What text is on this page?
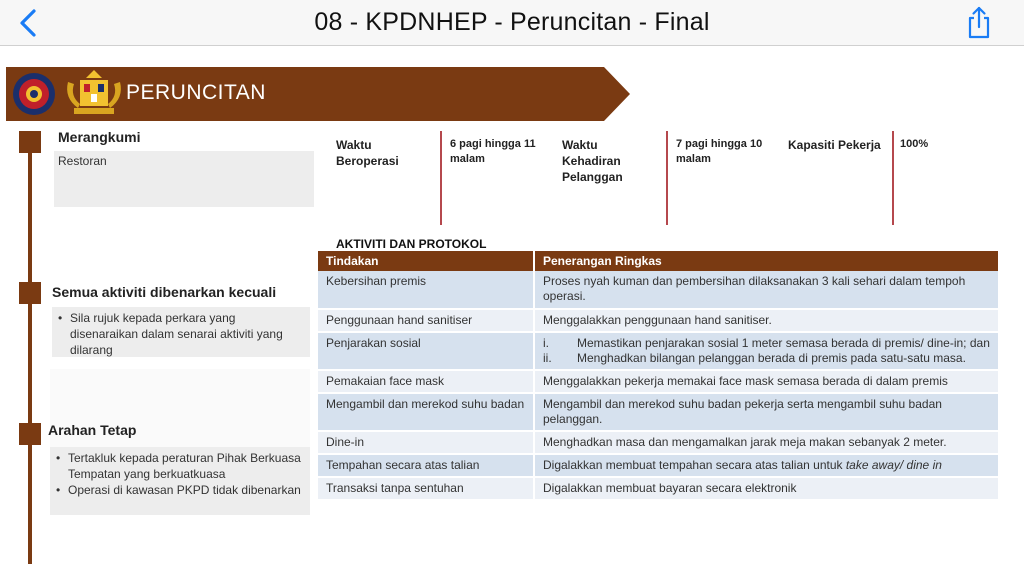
08 - KPDNHEP - Peruncitan - Final
PERUNCITAN
Merangkumi
Restoran
Waktu Beroperasi
6 pagi hingga 11 malam
Waktu Kehadiran Pelanggan
7 pagi hingga 10 malam
Kapasiti Pekerja	100%
Semua aktiviti dibenarkan kecuali
• Sila rujuk kepada perkara yang disenaraikan dalam senarai aktiviti yang dilarang
Arahan Tetap
• Tertakluk kepada peraturan Pihak Berkuasa Tempatan yang berkuatkuasa
• Operasi di kawasan PKPD tidak dibenarkan
AKTIVITI DAN PROTOKOL
Tindakan	Penerangan Ringkas
Kebersihan premis	Proses nyah kuman dan pembersihan dilaksanakan 3 kali sehari dalam tempoh operasi.
Penggunaan hand sanitiser	Menggalakkan penggunaan hand sanitiser.
Penjarakan sosial	i. Memastikan penjarakan sosial 1 meter semasa berada di premis/ dine-in; dan
ii. Menghadkan bilangan pelanggan berada di premis pada satu-satu masa.

Pemakaian face mask	Menggalakkan pekerja memakai face mask semasa berada di dalam premis
Mengambil dan merekod suhu badan	Mengambil dan merekod suhu badan pekerja serta mengambil suhu badan pelanggan.
Dine-in	Menghadkan masa dan mengamalkan jarak meja makan sebanyak 2 meter.
Tempahan secara atas talian	Digalakkan membuat tempahan secara atas talian untuk take away/ dine in
Transaksi tanpa sentuhan	Digalakkan membuat bayaran secara elektronik
